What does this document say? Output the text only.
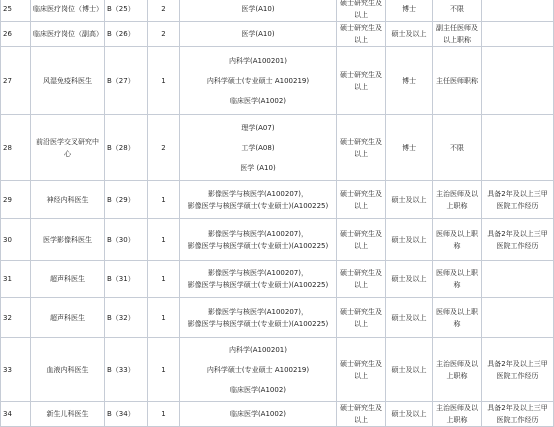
25	临床医疗岗位（博士）	B（25）	2	医学(A10)	硕士研究生及以上	博士	不限	
26	临床医疗岗位（副高）	B（26）	2	医学(A10)	硕士研究生及以上	硕士及以上	副主任医师及以上职称	
27	风湿免疫科医生	B（27）	1	内科学(A100201)
内科学硕士(专业硕士 A100219)
临床医学(A1002)	硕士研究生及以上	博士	主任医师职称	
28	前沿医学交叉研究中心	B（28）	2	理学(A07)
工学(A08)
医学 (A10)	硕士研究生及以上	博士	不限	
29	神经内科医生	B（29）	1	影像医学与核医学(A100207)，
影像医学与核医学硕士(专业硕士)(A100225)	硕士研究生及以上	硕士及以上	主治医师及以上职称	具备2年及以上三甲医院工作经历
30	医学影像科医生	B（30）	1	影像医学与核医学(A100207)，
影像医学与核医学硕士(专业硕士)(A100225)	硕士研究生及以上	硕士及以上	医师及以上职称	具备2年及以上三甲医院工作经历
31	超声科医生	B（31）	1	影像医学与核医学(A100207)，
影像医学与核医学硕士(专业硕士)(A100225)	硕士研究生及以上	硕士及以上	医师及以上职称	
32	超声科医生	B（32）	1	影像医学与核医学(A100207)，
影像医学与核医学硕士(专业硕士)(A100225)	硕士研究生及以上	硕士及以上	医师及以上职称	
33	血液内科医生	B（33）	1	内科学(A100201)
内科学硕士(专业硕士 A100219)
临床医学(A1002)	硕士研究生及以上	硕士及以上	主治医师及以上职称	具备2年及以上三甲医院工作经历
34	新生儿科医生	B（34）	1	临床医学(A1002)	硕士研究生及以上	硕士及以上	主治医师及以上职称	具备2年及以上三甲医院工作经历
